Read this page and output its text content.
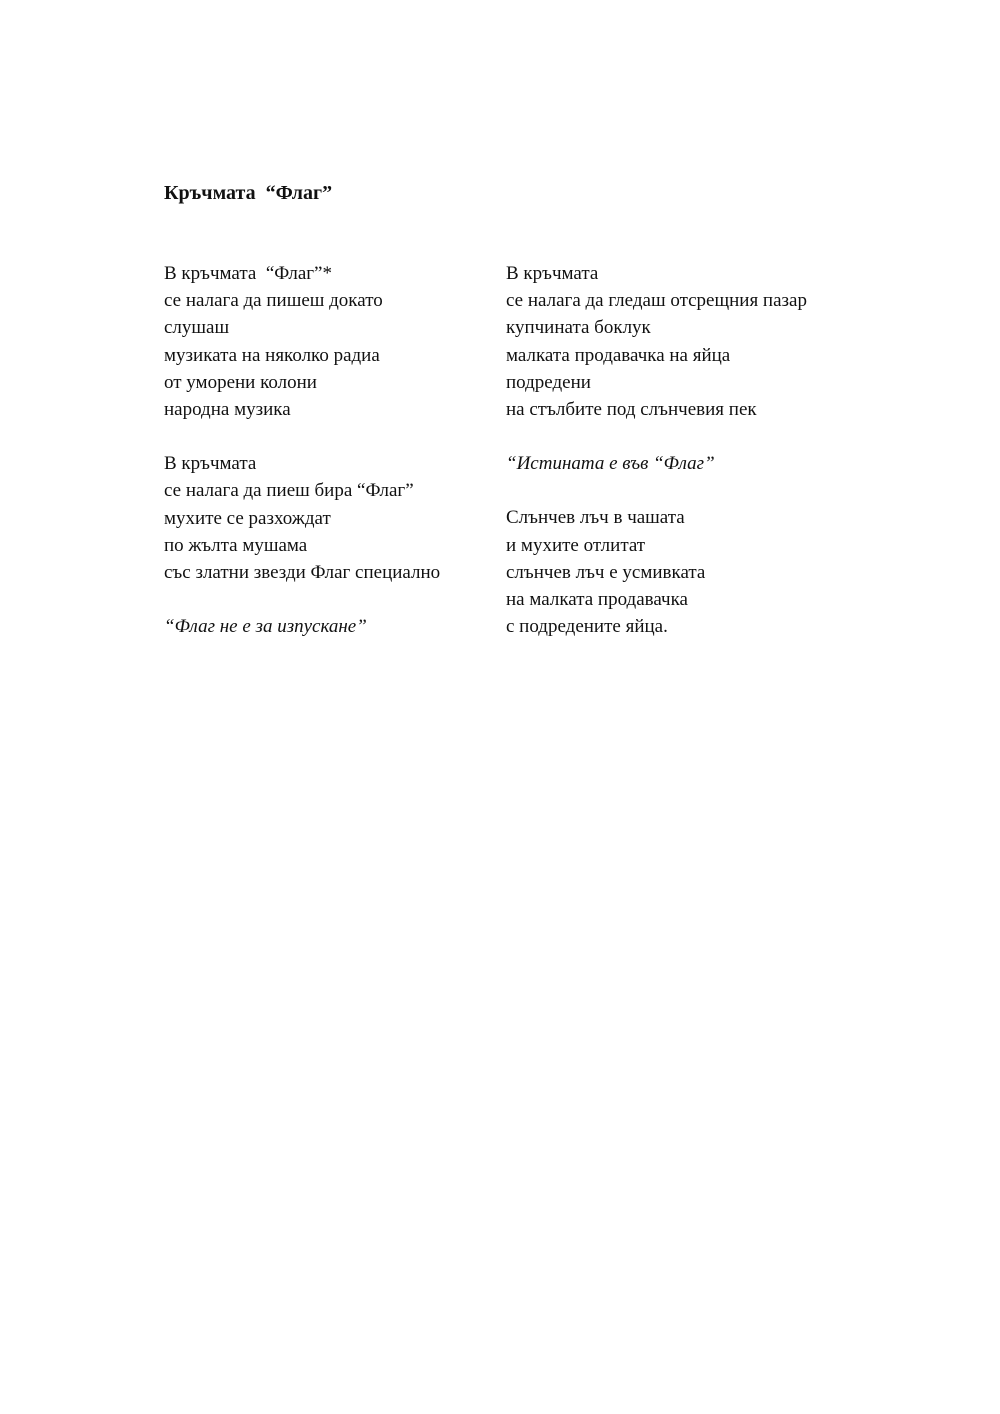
Кръчмата  “Флаг”
В кръчмата  “Флаг”*
се налага да пишеш докато
слушаш
музиката на няколко радиа
от уморени колони
народна музика
В кръчмата
се налага да пиеш бира “Флаг”
мухите се разхождат
по жълта мушама
със златни звезди Флаг специално
“Флаг не е за изпускане”
В кръчмата
се налага да гледаш отсрещния пазар
купчината боклук
малката продавачка на яйца
подредени
на стълбите под слънчевия пек
“Истината е във “Флаг”
Слънчев лъч в чашата
и мухите отлитат
слънчев лъч е усмивката
на малката продавачка
с подредените яйца.
